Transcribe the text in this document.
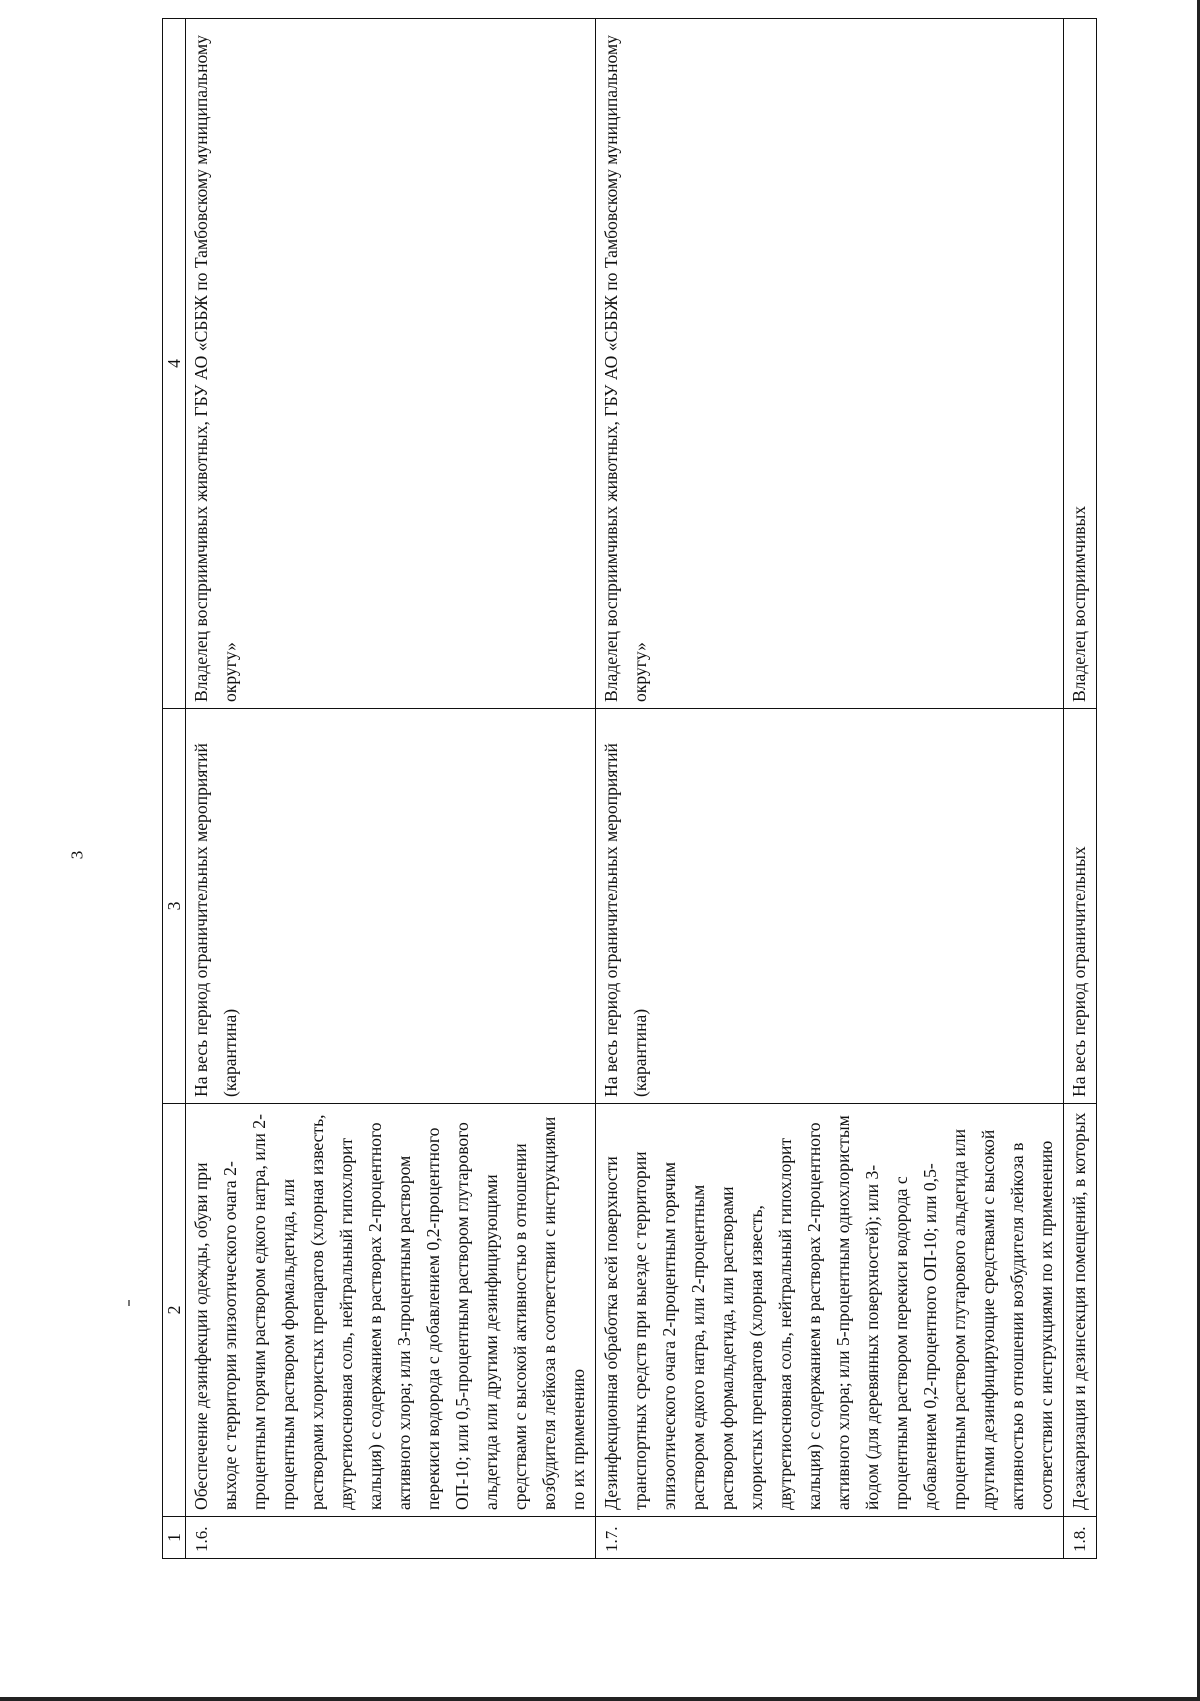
3
1	2	3	4
1.6.	Обеспечение дезинфекции одежды, обуви при выходе с территории эпизоотического очага 2-процентным горячим раствором едкого натра, или 2-процентным раствором формальдегида, или растворами хлористых препаратов (хлорная известь, двутретиосновная соль, нейтральный гипохлорит кальция) с содержанием в растворах 2-процентного активного хлора; или 3-процентным раствором перекиси водорода с добавлением 0,2-процентного ОП-10; или 0,5-процентным раствором глутарового альдегида или другими дезинфицирующими средствами с высокой активностью в отношении возбудителя лейкоза в соответствии с инструкциями по их применению	На весь период ограничительных мероприятий (карантина)	Владелец восприимчивых животных, ГБУ АО «СББЖ по Тамбовскому муниципальному округу»
1.7.	Дезинфекционная обработка всей поверхности транспортных средств при выезде с территории эпизоотического очага 2-процентным горячим раствором едкого натра, или 2-процентным раствором формальдегида, или растворами хлористых препаратов (хлорная известь, двутретиосновная соль, нейтральный гипохлорит кальция) с содержанием в растворах 2-процентного активного хлора; или 5-процентным однохлористым йодом (для деревянных поверхностей); или 3-процентным раствором перекиси водорода с добавлением 0,2-процентного ОП-10; или 0,5-процентным раствором глутарового альдегида или другими дезинфицирующие средствами с высокой активностью в отношении возбудителя лейкоза в соответствии с инструкциями по их применению	На весь период ограничительных мероприятий (карантина)	Владелец восприимчивых животных, ГБУ АО «СББЖ по Тамбовскому муниципальному округу»
1.8.	Дезакаризация и дезинсекция помещений, в которых	На весь период ограничительных	Владелец восприимчивых
